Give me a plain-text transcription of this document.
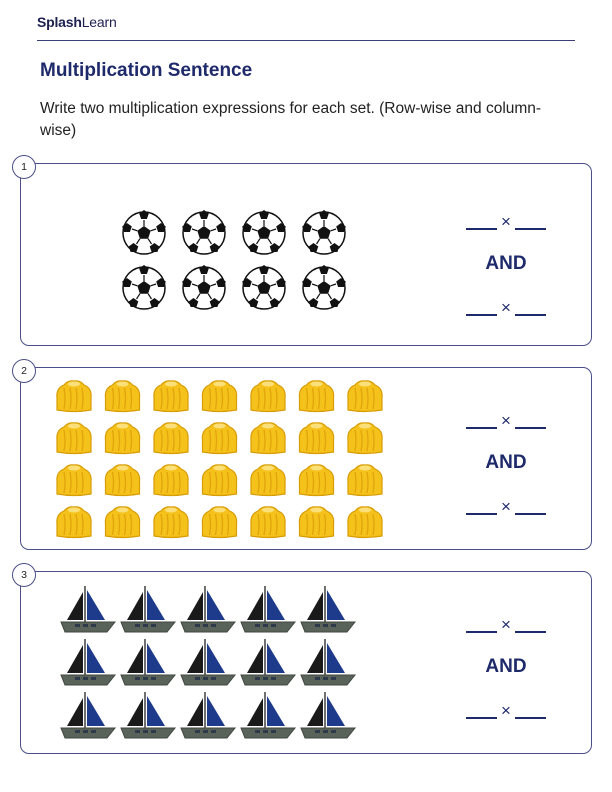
SplashLearn
Multiplication Sentence
Write two multiplication expressions for each set. (Row-wise and column-wise)
1
×
AND
×
2
×
AND
×
3
×
AND
×
